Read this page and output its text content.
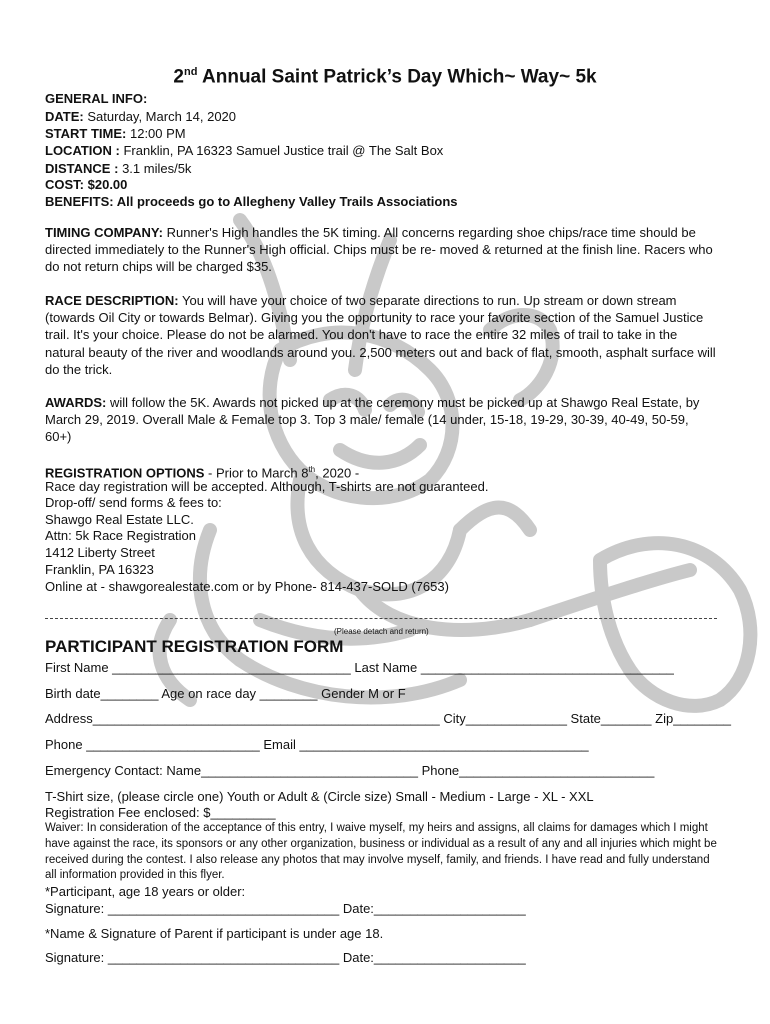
2nd Annual Saint Patrick’s Day Which~ Way~ 5k
GENERAL INFO:
DATE: Saturday, March 14, 2020
START TIME: 12:00 PM
LOCATION : Franklin, PA 16323 Samuel Justice trail @ The Salt Box
DISTANCE : 3.1 miles/5k
COST: $20.00
BENEFITS: All proceeds go to Allegheny Valley Trails Associations
TIMING COMPANY: Runner's High handles the 5K timing. All concerns regarding shoe chips/race time should be directed immediately to the Runner's High official. Chips must be re- moved & returned at the finish line. Racers who do not return chips will be charged $35.
RACE DESCRIPTION: You will have your choice of two separate directions to run. Up stream or down stream (towards Oil City or towards Belmar). Giving you the opportunity to race your favorite section of the Samuel Justice trail. It's your choice. Please do not be alarmed. You don't have to race the entire 32 miles of trail to take in the natural beauty of the river and woodlands around you. 2,500 meters out and back of flat, smooth, asphalt surface will do the trick.
AWARDS: will follow the 5K. Awards not picked up at the ceremony must be picked up at Shawgo Real Estate, by March 29, 2019. Overall Male & Female top 3. Top 3 male/ female (14 under, 15-18, 19-29, 30-39, 40-49, 50-59, 60+)
REGISTRATION OPTIONS - Prior to March 8th, 2020 -
Race day registration will be accepted. Although, T-shirts are not guaranteed.
Drop-off/ send forms & fees to:
Shawgo Real Estate LLC.
Attn: 5k Race Registration
1412 Liberty Street
Franklin, PA 16323
Online at - shawgorealestate.com or by Phone- 814-437-SOLD (7653)
(Please detach and return)
PARTICIPANT REGISTRATION FORM
First Name _________________________________ Last Name ___________________________________
Birth date________ Age on race day ________ Gender M or F
Address________________________________________________ City______________ State_______ Zip________
Phone ________________________ Email ________________________________________
Emergency Contact: Name______________________________ Phone___________________________
T-Shirt size, (please circle one) Youth or Adult & (Circle size) Small - Medium - Large - XL - XXL
Registration Fee enclosed: $_________
Waiver: In consideration of the acceptance of this entry, I waive myself, my heirs and assigns, all claims for damages which I might have against the race, its sponsors or any other organization, business or individual as a result of any and all injuries which might be received during the contest. I also release any photos that may involve myself, family, and friends. I have read and fully understand all information provided in this flyer.
*Participant, age 18 years or older:
Signature: ________________________________ Date:_____________________
*Name & Signature of Parent if participant is under age 18.
Signature: ________________________________ Date:_____________________
